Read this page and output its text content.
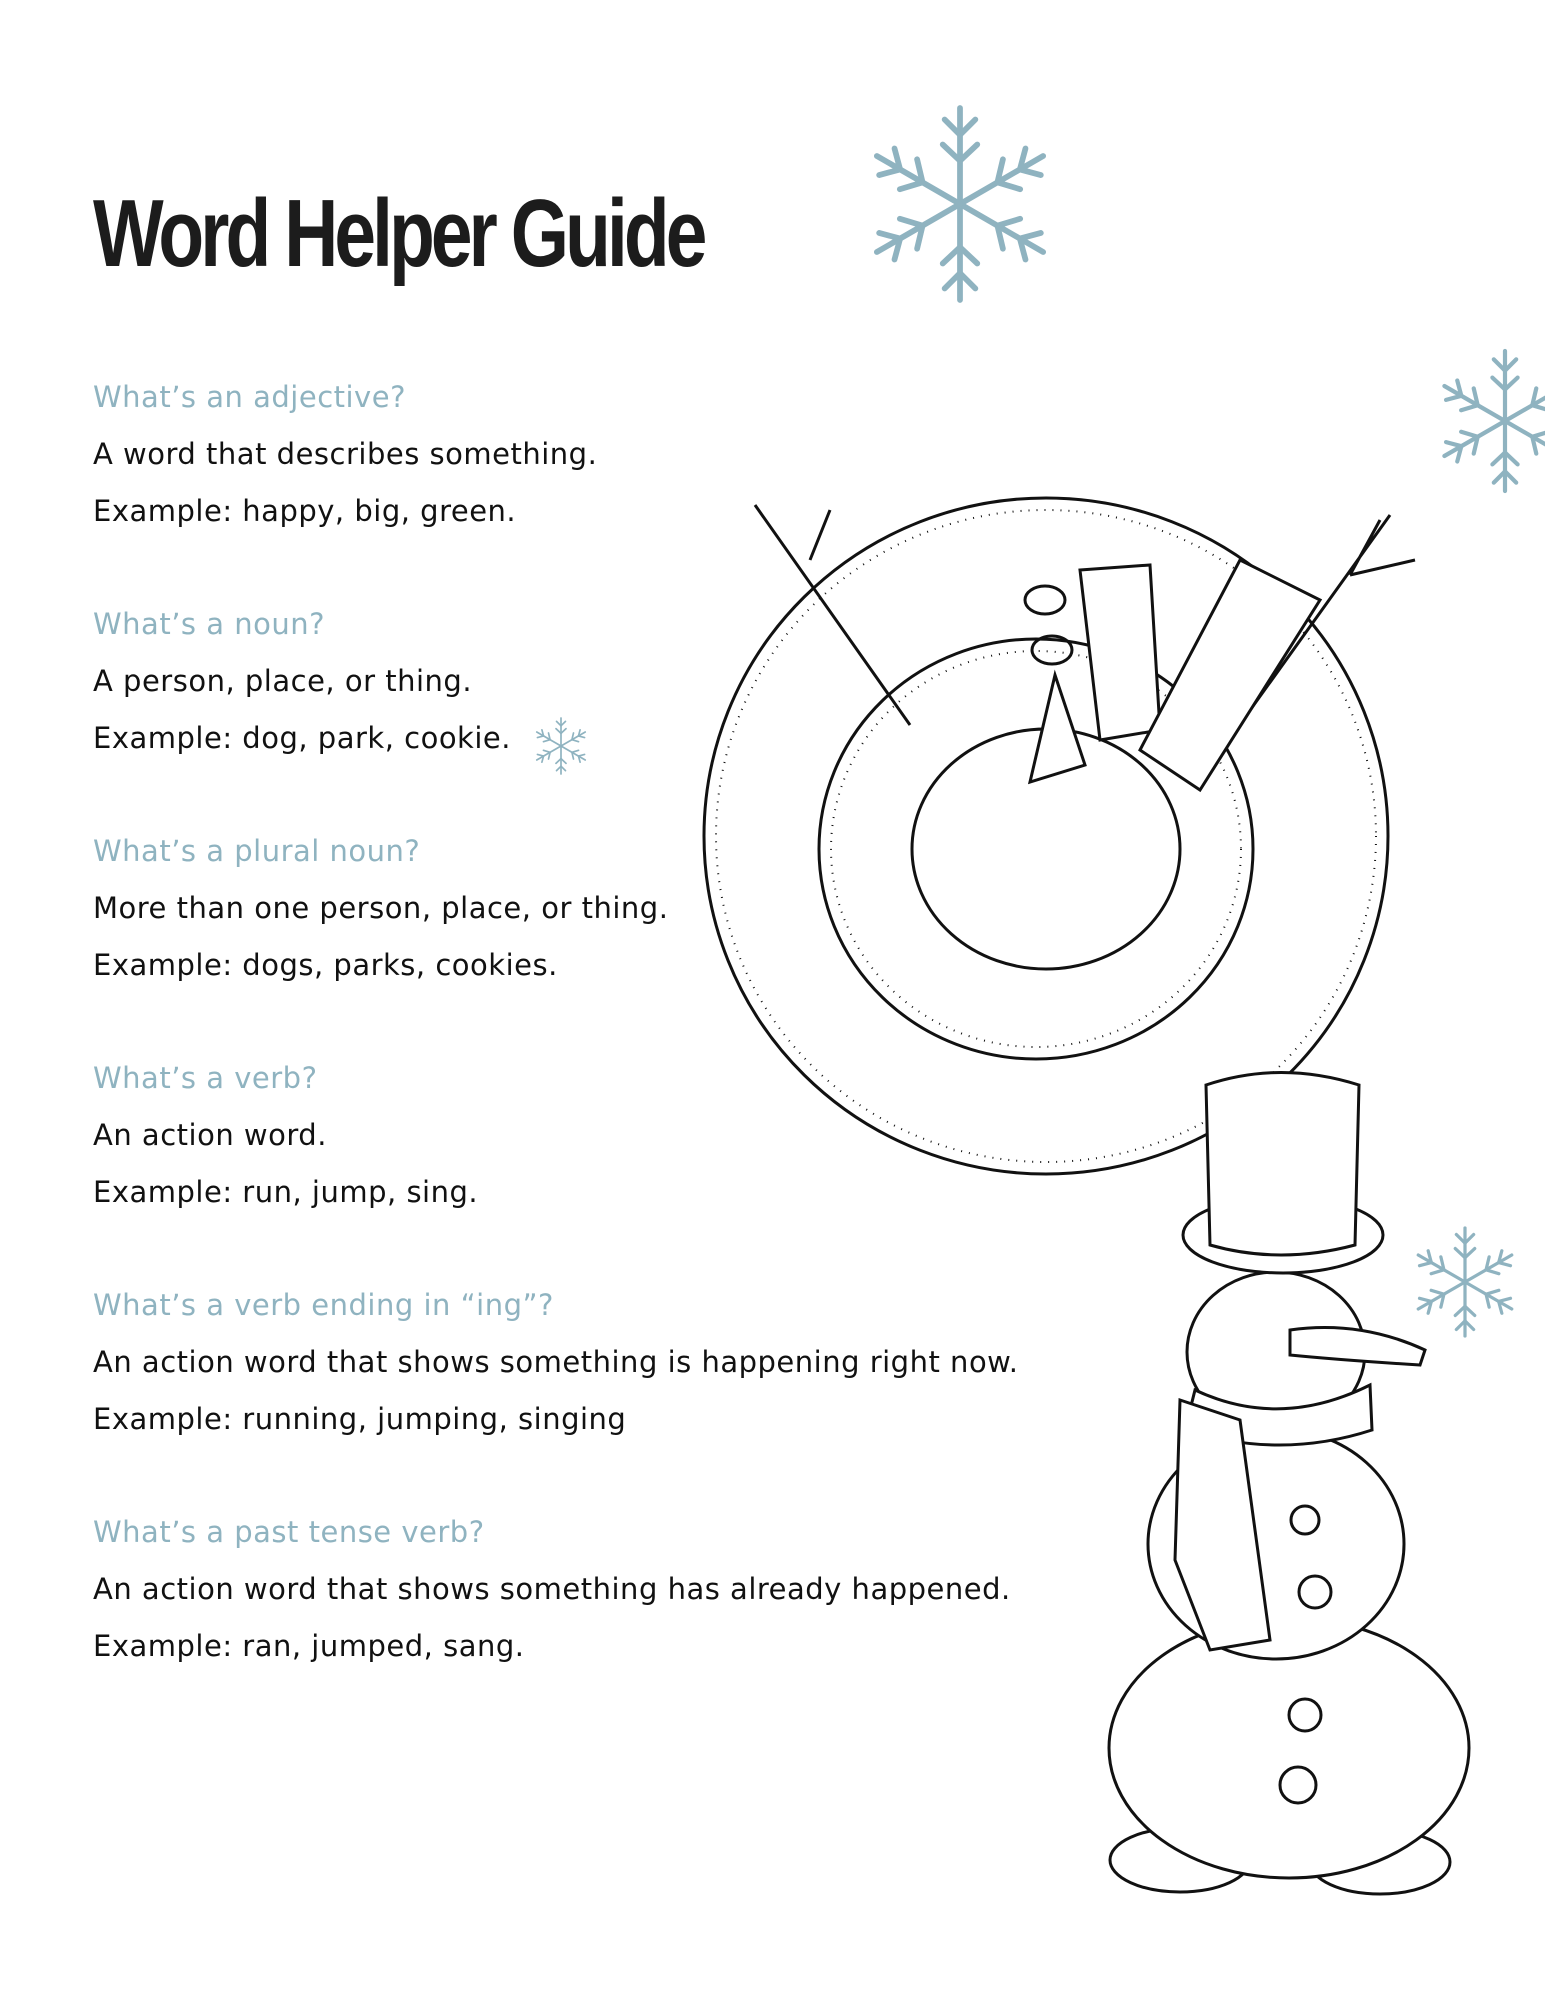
Word Helper Guide
What’s an adjective?
A word that describes something.
Example: happy, big, green.
What’s a noun?
A person, place, or thing.
Example: dog, park, cookie.
What’s a plural noun?
More than one person, place, or thing.
Example: dogs, parks, cookies.
What’s a verb?
An action word.
Example: run, jump, sing.
What’s a verb ending in “ing”?
An action word that shows something is happening right now.
Example: running, jumping, singing
What’s a past tense verb?
An action word that shows something has already happened.
Example: ran, jumped, sang.
